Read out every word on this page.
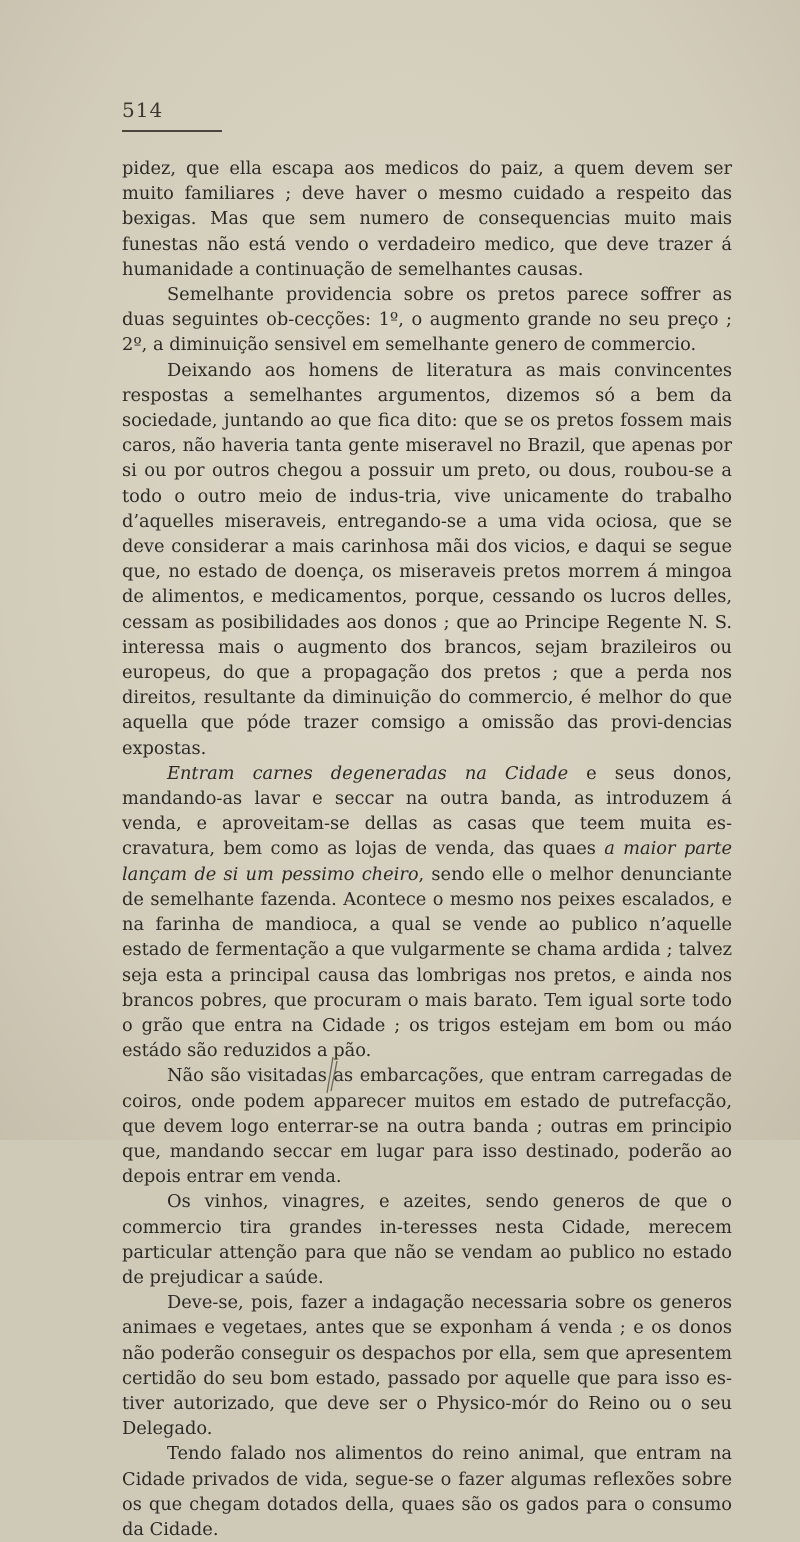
514

pidez, que ella escapa aos medicos do paiz, a quem devem ser muito familiares ; deve haver o mesmo cuidado a respeito das bexigas. Mas que sem numero de consequencias muito mais funestas não está vendo o verdadeiro medico, que deve trazer á humanidade a continuação de semelhantes causas.

Semelhante providencia sobre os pretos parece soffrer as duas seguintes ob-cecções: 1º, o augmento grande no seu preço ; 2º, a diminuição sensivel em semelhante genero de commercio.

Deixando aos homens de literatura as mais convincentes respostas a semelhantes argumentos, dizemos só a bem da sociedade, juntando ao que fica dito: que se os pretos fossem mais caros, não haveria tanta gente miseravel no Brazil, que apenas por si ou por outros chegou a possuir um preto, ou dous, roubou-se a todo o outro meio de indus-tria, vive unicamente do trabalho d’aquelles miseraveis, entregando-se a uma vida ociosa, que se deve considerar a mais carinhosa mãi dos vicios, e daqui se segue que, no estado de doença, os miseraveis pretos morrem á mingoa de alimentos, e medicamentos, porque, cessando os lucros delles, cessam as posibilidades aos donos ; que ao Principe Regente N. S. interessa mais o augmento dos brancos, sejam brazileiros ou europeus, do que a propagação dos pretos ; que a perda nos direitos, resultante da diminuição do commercio, é melhor do que aquella que póde trazer comsigo a omissão das provi-dencias expostas.

Entram carnes degeneradas na Cidade e seus donos, mandando-as lavar e seccar na outra banda, as introduzem á venda, e aproveitam-se dellas as casas que teem muita es-cravatura, bem como as lojas de venda, das quaes a maior parte lançam de si um pessimo cheiro, sendo elle o melhor denunciante de semelhante fazenda. Acontece o mesmo nos peixes escalados, e na farinha de mandioca, a qual se vende ao publico n’aquelle estado de fermentação a que vulgarmente se chama ardida ; talvez seja esta a principal causa das lombrigas nos pretos, e ainda nos brancos pobres, que procuram o mais barato. Tem igual sorte todo o grão que entra na Cidade ; os trigos estejam em bom ou máo estádo são reduzidos a pão.

Não são visitadas as embarcações, que entram carregadas de coiros, onde podem apparecer muitos em estado de putrefacção, que devem logo enterrar-se na outra banda ; outras em principio que, mandando seccar em lugar para isso destinado, poderão ao depois entrar em venda.

Os vinhos, vinagres, e azeites, sendo generos de que o commercio tira grandes in-teresses nesta Cidade, merecem particular attenção para que não se vendam ao publico no estado de prejudicar a saúde.

Deve-se, pois, fazer a indagação necessaria sobre os generos animaes e vegetaes, antes que se exponham á venda ; e os donos não poderão conseguir os despachos por ella, sem que apresentem certidão do seu bom estado, passado por aquelle que para isso es-tiver autorizado, que deve ser o Physico-mór do Reino ou o seu Delegado.

Tendo falado nos alimentos do reino animal, que entram na Cidade privados de vida, segue-se o fazer algumas reflexões sobre os que chegam dotados della, quaes são os gados para o consumo da Cidade.
